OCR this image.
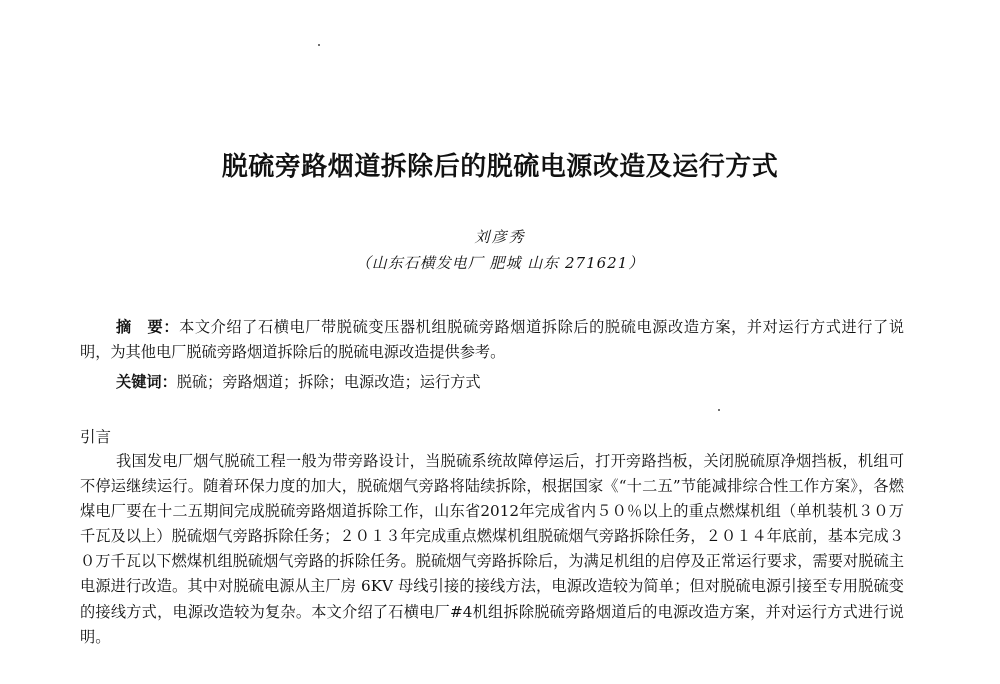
脱硫旁路烟道拆除后的脱硫电源改造及运行方式
刘彦秀
（山东石横发电厂 肥城 山东 271621）
摘　要：本文介绍了石横电厂带脱硫变压器机组脱硫旁路烟道拆除后的脱硫电源改造方案，并对运行方式进行了说明，为其他电厂脱硫旁路烟道拆除后的脱硫电源改造提供参考。
关键词：脱硫；旁路烟道；拆除；电源改造；运行方式
引言
我国发电厂烟气脱硫工程一般为带旁路设计，当脱硫系统故障停运后，打开旁路挡板，关闭脱硫原净烟挡板，机组可不停运继续运行。随着环保力度的加大，脱硫烟气旁路将陆续拆除，根据国家《“十二五”节能减排综合性工作方案》，各燃煤电厂要在十二五期间完成脱硫旁路烟道拆除工作，山东省2012年完成省内５０％以上的重点燃煤机组（单机装机３０万千瓦及以上）脱硫烟气旁路拆除任务；２０１３年完成重点燃煤机组脱硫烟气旁路拆除任务，２０１４年底前，基本完成３０万千瓦以下燃煤机组脱硫烟气旁路的拆除任务。脱硫烟气旁路拆除后，为满足机组的启停及正常运行要求，需要对脱硫主电源进行改造。其中对脱硫电源从主厂房 6KV 母线引接的接线方法，电源改造较为简单；但对脱硫电源引接至专用脱硫变的接线方式，电源改造较为复杂。本文介绍了石横电厂#4机组拆除脱硫旁路烟道后的电源改造方案，并对运行方式进行说明。
